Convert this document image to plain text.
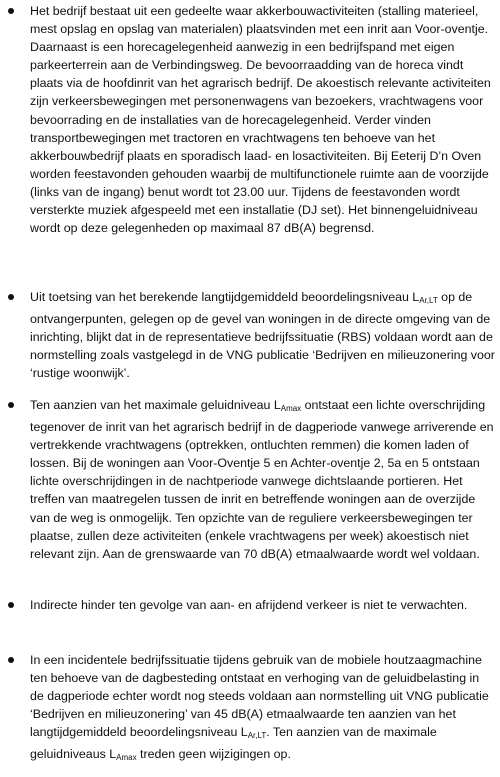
Het bedrijf bestaat uit een gedeelte waar akkerbouwactiviteiten (stalling materieel, mest opslag en opslag van materialen) plaatsvinden met een inrit aan Voor-oventje. Daarnaast is een horecagelegenheid aanwezig in een bedrijfspand met eigen parkeerterrein aan de Verbindingsweg. De bevoorraadding van de horeca vindt plaats via de hoofdinrit van het agrarisch bedrijf. De akoestisch relevante activiteiten zijn verkeersbewegingen met personenwagens van bezoekers, vrachtwagens voor bevoorrading en de installaties van de horecagelegenheid. Verder vinden transportbewegingen met tractoren en vrachtwagens ten behoeve van het akkerbouwbedrijf plaats en sporadisch laad- en losactiviteiten. Bij Eeterij D’n Oven worden feestavonden gehouden waarbij de multifunctionele ruimte aan de voorzijde (links van de ingang) benut wordt tot 23.00 uur. Tijdens de feestavonden wordt versterkte muziek afgespeeld met een installatie (DJ set). Het binnengeluidniveau wordt op deze gelegenheden op maximaal 87 dB(A) begrensd.
Uit toetsing van het berekende langtijdgemiddeld beoordelingsniveau $L_{Ar,LT}$ op de ontvangerpunten, gelegen op de gevel van woningen in de directe omgeving van de inrichting, blijkt dat in de representatieve bedrijfssituatie (RBS) voldaan wordt aan de normstelling zoals vastgelegd in de VNG publicatie ‘Bedrijven en milieuzonering voor ‘rustige woonwijk’.
Ten aanzien van het maximale geluidniveau $L_{Amax}$ ontstaat een lichte overschrijding tegenover de inrit van het agrarisch bedrijf in de dagperiode vanwege arriverende en vertrekkende vrachtwagens (optrekken, ontluchten remmen) die komen laden of lossen. Bij de woningen aan Voor-Oventje 5 en Achter-oventje 2, 5a en 5 ontstaan lichte overschrijdingen in de nachtperiode vanwege dichtslaande portieren. Het treffen van maatregelen tussen de inrit en betreffende woningen aan de overzijde van de weg is onmogelijk. Ten opzichte van de reguliere verkeersbewegingen ter plaatse, zullen deze activiteiten (enkele vrachtwagens per week) akoestisch niet relevant zijn. Aan de grenswaarde van 70 dB(A) etmaalwaarde wordt wel voldaan.
Indirecte hinder ten gevolge van aan- en afrijdend verkeer is niet te verwachten.
In een incidentele bedrijfssituatie tijdens gebruik van de mobiele houtzaagmachine ten behoeve van de dagbesteding ontstaat en verhoging van de geluidbelasting in de dagperiode echter wordt nog steeds voldaan aan normstelling uit VNG publicatie ‘Bedrijven en milieuzonering’ van 45 dB(A) etmaalwaarde ten aanzien van het langtijdgemiddeld beoordelingsniveau $L_{Ar,LT}$. Ten aanzien van de maximale geluidniveaus $L_{Amax}$ treden geen wijzigingen op.
